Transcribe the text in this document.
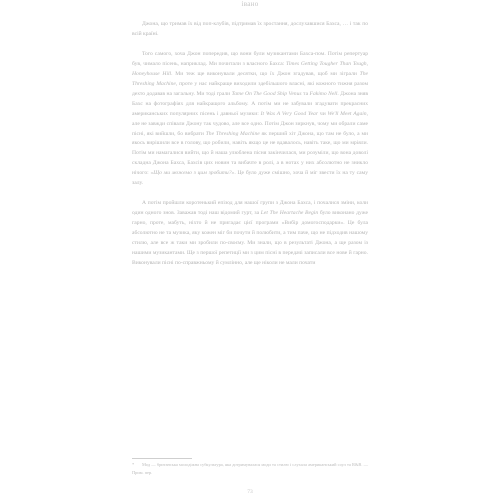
івано

Джона, що тримав їх від поп-клубів, підтримав їх зростання, дослухавшися Бахса, … і так по всій країні.

Того самого, хоча Джон попередив, що вони були музикантами Бахса-пом. Потім репертуар був, чимало пісень, наприклад. Ми почитали з власного Бахса: Times Getting Tougher Than Tough, Honeyhouse Hill. Ми теж ще виконували десятки, що їх Джон згадував, щоб ми зіграли The Threshing Machine, проте у нас найкраще виходили здебільшого власні, які кожного тижня разом дехто додавав на загальну. Ми тоді грали Tame On The Good Ship Venus та Fakimo Nell. Джона зняв Бахс на фотографіях для найкращого альбому. А потім ми не забували згадувати прекрасних американських популярних пісень і давньої музики: It Was A Very Good Year чи We'll Meet Again, але не завжди співали Джону так чудово, але все одно. Потім Джон зиркнув, чому ми обрали саме пісні, які вийшли, бо вибрати The Threshing Machine як перший хіт Джона, що там не було, а ми якось вирішили все в голову, що робили, навіть якщо це не вдавалось, навіть таке, що ми мріяли. Потім ми намагалися вийти, що й наша улюблена пісня закінчилася, ми розуміли, що вона доволі складна Джона Бахса, Бахсів цих новин та вибачте в ролі, а в нотах у них абсолютно не зникло нічого: «Що ми можемо з цим зробити?». Це було дуже смішно, хоча й міг звести їх на ту саму залу.

А потім пройшли коротенький епізод для нашої групи з Джона Бахса, і почалися зміни, коли один одного знов. Заважав тоді наш відомий гурт, за Let The Heartache Begin було виконано дуже гарно, проте, мабуть, ніхто й не пригадає цієї програми «Вибір домогосподарки». Це була абсолютно не та музика, яку кожен міг би почути й полюбити, а тим паче, що не підходив нашому стилю, але все ж таки ми зробили по-своєму. Ми знали, що в результаті Джона, а ще разом із нашими музикантами. Ще з першої репетиції ми з цим пісні в передачі записали все нове й гарно. Виконували пісні по-справжньому й сумлінно, але ще ніколи не мали почати

* Мод — британська молодіжна субкультура, яка дотримувалася моди та стилю і слухала американський соул та R&B. — Прим. пер.
73
